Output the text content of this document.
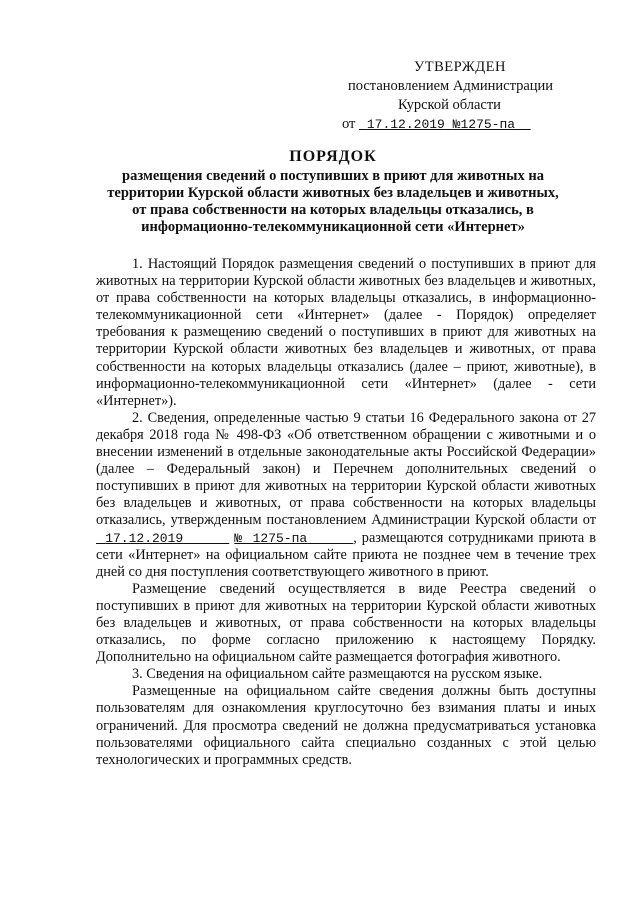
УТВЕРЖДЕН
постановлением Администрации
Курской области
от 17.12.2019 №1275-па
ПОРЯДОК
размещения сведений о поступивших в приют для животных на
территории Курской области животных без владельцев и животных,
от права собственности на которых владельцы отказались, в
информационно-телекоммуникационной сети «Интернет»

1. Настоящий Порядок размещения сведений о поступивших в приют для животных на территории Курской области животных без владельцев и животных, от права собственности на которых владельцы отказались, в информационно-телекоммуникационной сети «Интернет» (далее - Порядок) определяет требования к размещению сведений о поступивших в приют для животных на территории Курской области животных без владельцев и животных, от права собственности на которых владельцы отказались (далее – приют, животные), в информационно-телекоммуникационной сети «Интернет» (далее - сети «Интернет»).

2. Сведения, определенные частью 9 статьи 16 Федерального закона от 27 декабря 2018 года № 498-ФЗ «Об ответственном обращении с животными и о внесении изменений в отдельные законодательные акты Российской Федерации» (далее – Федеральный закон) и Перечнем дополнительных сведений о поступивших в приют для животных на территории Курской области животных без владельцев и животных, от права собственности на которых владельцы отказались, утвержденным постановлением Администрации Курской области от  17.12.2019	№ 1275-па	, размещаются сотрудниками приюта в сети «Интернет» на официальном сайте приюта не позднее чем в течение трех дней со дня поступления соответствующего животного в приют.

Размещение сведений осуществляется в виде Реестра сведений о поступивших в приют для животных на территории Курской области животных без владельцев и животных, от права собственности на которых владельцы отказались, по форме согласно приложению к настоящему Порядку. Дополнительно на официальном сайте размещается фотография животного.

3. Сведения на официальном сайте размещаются на русском языке.

Размещенные на официальном сайте сведения должны быть доступны пользователям для ознакомления круглосуточно без взимания платы и иных ограничений. Для просмотра сведений не должна предусматриваться установка пользователями официального сайта специально созданных с этой целью технологических и программных средств.
